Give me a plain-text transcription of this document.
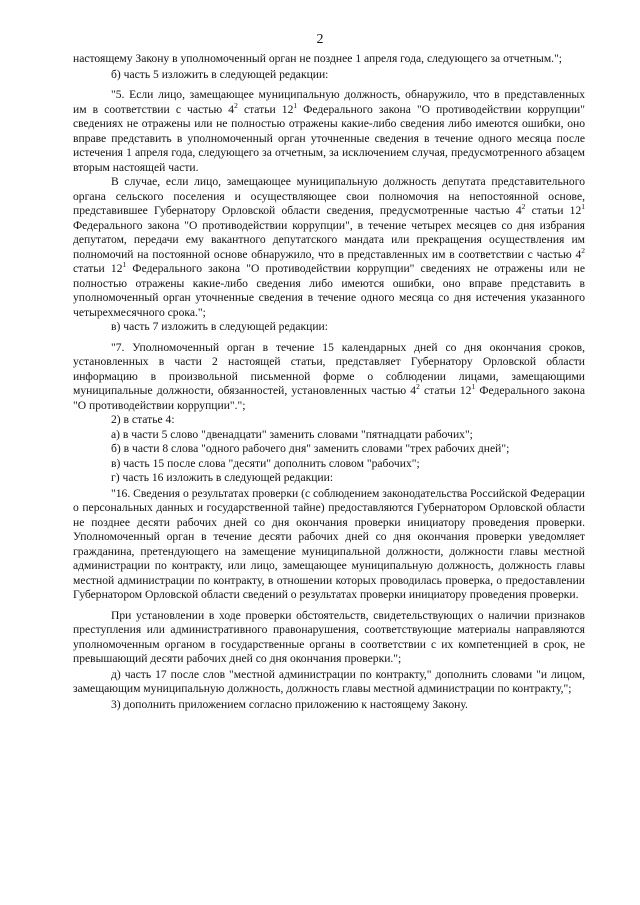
2

настоящему Закону в уполномоченный орган не позднее 1 апреля года, следующего за отчетным.";

б) часть 5 изложить в следующей редакции:

"5. Если лицо, замещающее муниципальную должность, обнаружило, что в представленных им в соответствии с частью $4^2$ статьи $12^1$ Федерального закона "О противодействии коррупции" сведениях не отражены или не полностью отражены какие-либо сведения либо имеются ошибки, оно вправе представить в уполномоченный орган уточненные сведения в течение одного месяца после истечения 1 апреля года, следующего за отчетным, за исключением случая, предусмотренного абзацем вторым настоящей части.

В случае, если лицо, замещающее муниципальную должность депутата представительного органа сельского поселения и осуществляющее свои полномочия на непостоянной основе, представившее Губернатору Орловской области сведения, предусмотренные частью $4^2$ статьи $12^1$ Федерального закона "О противодействии коррупции", в течение четырех месяцев со дня избрания депутатом, передачи ему вакантного депутатского мандата или прекращения осуществления им полномочий на постоянной основе обнаружило, что в представленных им в соответствии с частью $4^2$ статьи $12^1$ Федерального закона "О противодействии коррупции" сведениях не отражены или не полностью отражены какие-либо сведения либо имеются ошибки, оно вправе представить в уполномоченный орган уточненные сведения в течение одного месяца со дня истечения указанного четырехмесячного срока.";

в) часть 7 изложить в следующей редакции:

"7. Уполномоченный орган в течение 15 календарных дней со дня окончания сроков, установленных в части 2 настоящей статьи, представляет Губернатору Орловской области информацию в произвольной письменной форме о соблюдении лицами, замещающими муниципальные должности, обязанностей, установленных частью $4^2$ статьи $12^1$ Федерального закона "О противодействии коррупции".";

2) в статье 4:

а) в части 5 слово "двенадцати" заменить словами "пятнадцати рабочих";

б) в части 8 слова "одного рабочего дня" заменить словами "трех рабочих дней";

в) часть 15 после слова "десяти" дополнить словом "рабочих";

г) часть 16 изложить в следующей редакции:

"16. Сведения о результатах проверки (с соблюдением законодательства Российской Федерации о персональных данных и государственной тайне) предоставляются Губернатором Орловской области не позднее десяти рабочих дней со дня окончания проверки инициатору проведения проверки. Уполномоченный орган в течение десяти рабочих дней со дня окончания проверки уведомляет гражданина, претендующего на замещение муниципальной должности, должности главы местной администрации по контракту, или лицо, замещающее муниципальную должность, должность главы местной администрации по контракту, в отношении которых проводилась проверка, о предоставлении Губернатором Орловской области сведений о результатах проверки инициатору проведения проверки.

При установлении в ходе проверки обстоятельств, свидетельствующих о наличии признаков преступления или административного правонарушения, соответствующие материалы направляются уполномоченным органом в государственные органы в соответствии с их компетенцией в срок, не превышающий десяти рабочих дней со дня окончания проверки.";

д) часть 17 после слов "местной администрации по контракту," дополнить словами "и лицом, замещающим муниципальную должность, должность главы местной администрации по контракту,";

3) дополнить приложением согласно приложению к настоящему Закону.
